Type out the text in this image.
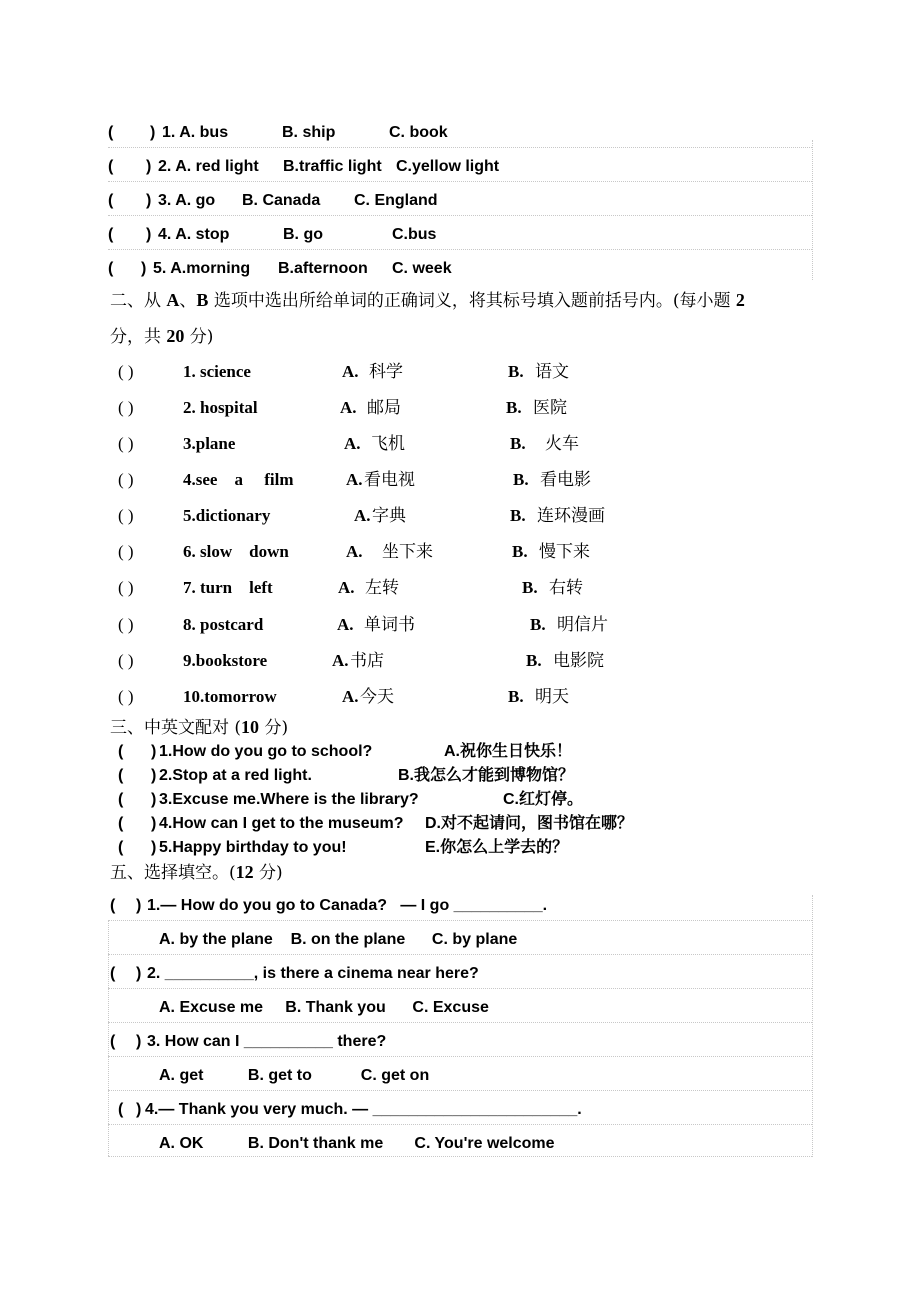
( ) 1. A. bus	B. ship	C. book
( ) 2. A. red light B.traffic light C.yellow light
( ) 3. A. go B. Canada C. England
( ) 4. A. stop	B. go	C.bus
( ) 5. A.morning B.afternoon C. week
二、从 A、B 选项中选出所给单词的正确词义，将其标号填入题前括号内。(每小题 2
分，共 20 分)
( )	1. science	A. 科学	B. 语文
( )	2. hospital	A. 邮局	B. 医院
( )	3.plane	A. 飞机	B. 火车
( )	4.see    a     film	A. 看电视	B. 看电影
( )	5.dictionary	A. 字典	B. 连环漫画
( )	6. slow    down	A. 坐下来	B. 慢下来
( )	7. turn    left	A. 左转	B. 右转
( )	8. postcard	A. 单词书	B. 明信片
( )	9.bookstore	A. 书店	B. 电影院
( )	10.tomorrow	A. 今天	B. 明天
三、中英文配对 (10 分)
( ) 1.How do you go to school?	A.祝你生日快乐！
( ) 2.Stop at a red light.	B.我怎么才能到博物馆？
( ) 3.Excuse me.Where is the library?	C.红灯停。
( ) 4.How can I get to the museum? D.对不起请问，图书馆在哪？
( ) 5.Happy birthday to you!	E.你怎么上学去的？
五、选择填空。(12 分)
( ) 1.— How do you go to Canada?   — I go __________.
A. by the plane    B. on the plane      C. by plane
( ) 2. __________, is there a cinema near here?
A. Excuse me     B. Thank you      C. Excuse
( ) 3. How can I __________ there?
A. get          B. get to           C. get on
( ) 4.— Thank you very much. — _______________________.
A. OK          B. Don't thank me       C. You're welcome
